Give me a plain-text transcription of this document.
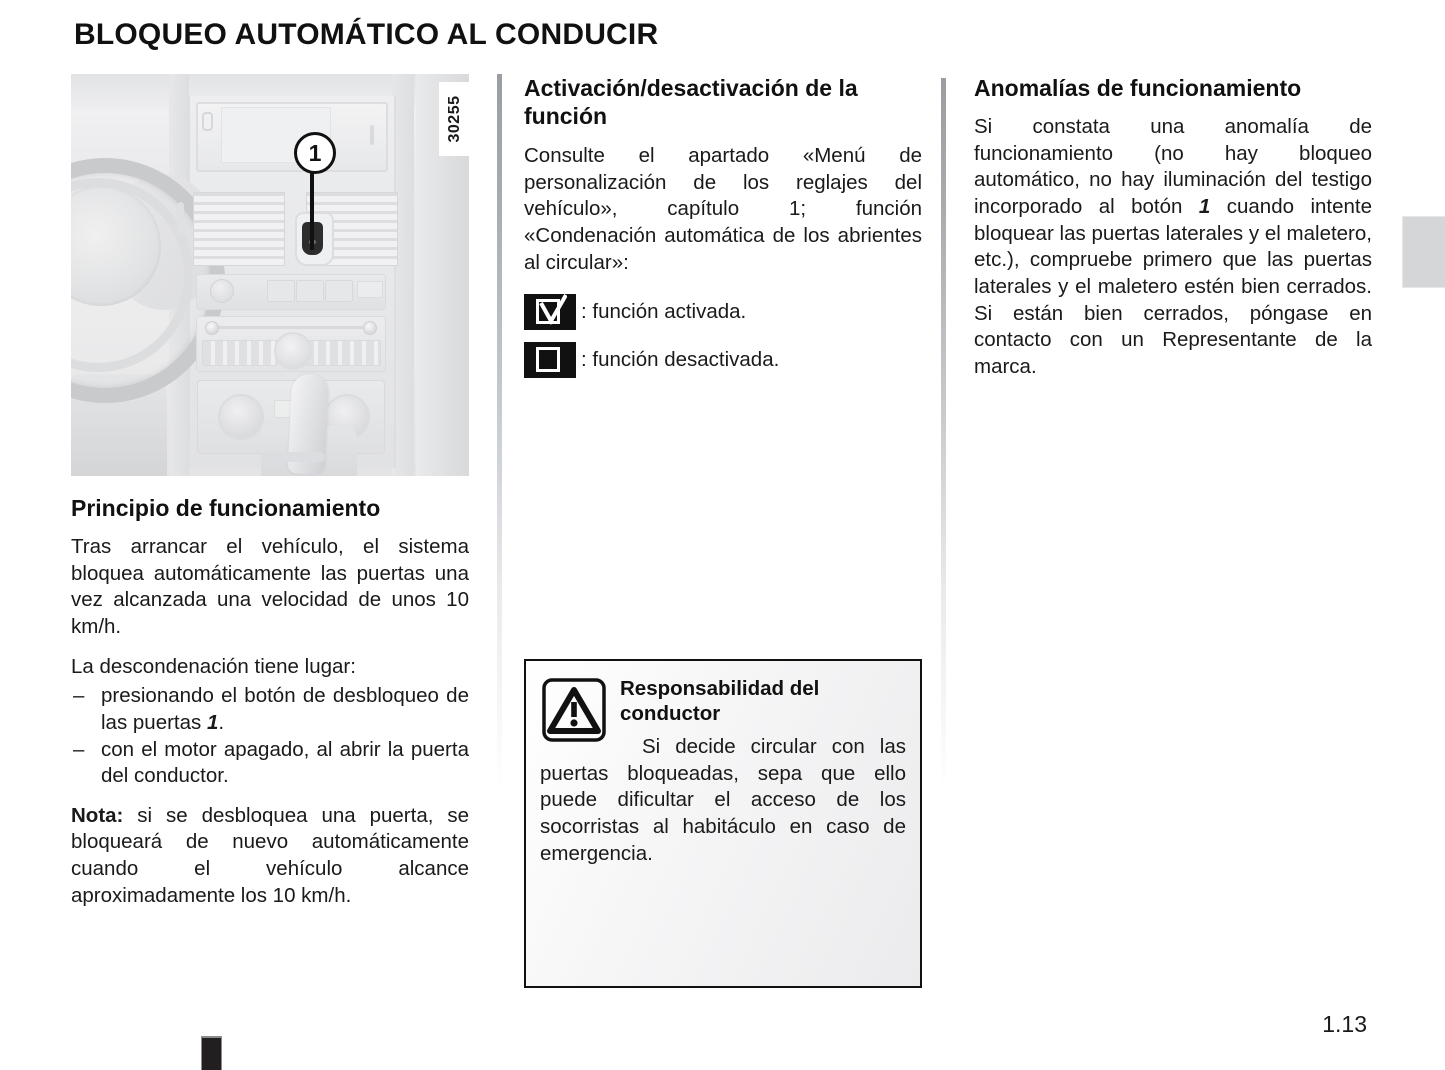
BLOQUEO AUTOMÁTICO AL CONDUCIR
1.13
1
30255
Principio de funcionamiento

Tras arrancar el vehículo, el sistema bloquea automáticamente las puertas una vez alcanzada una velocidad de unos 10 km/h.

La descondenación tiene lugar:

– presionando el botón de desbloqueo de las puertas 1.
– con el motor apagado, al abrir la puerta del conductor.

Nota: si se desbloquea una puerta, se bloqueará de nuevo automáticamente cuando el vehículo alcance aproximadamente los 10 km/h.

Activación/desactivación de la función

Consulte el apartado «Menú de personalización de los reglajes del vehículo», capítulo 1; función «Condenación automática de los abrientes al circular»:

: función activada.
: función desactivada.
Responsabilidad del conductor

Si decide circular con las puertas bloqueadas, sepa que ello puede dificultar el acceso de los socorristas al habitáculo en caso de emergencia.

Anomalías de funcionamiento

Si constata una anomalía de funcionamiento (no hay bloqueo automático, no hay iluminación del testigo incorporado al botón 1 cuando intente bloquear las puertas laterales y el maletero, etc.), compruebe primero que las puertas laterales y el maletero estén bien cerrados. Si están bien cerrados, póngase en contacto con un Representante de la marca.
